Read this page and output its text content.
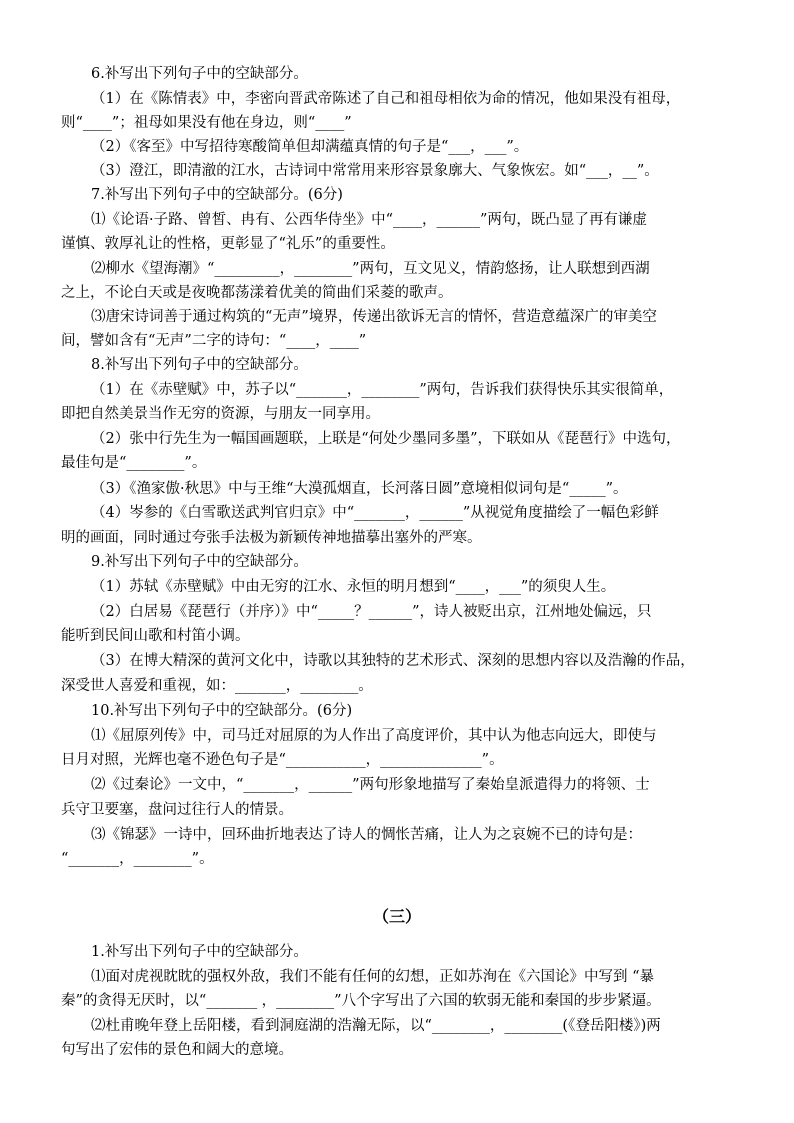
6.补写出下列句子中的空缺部分。
（1）在《陈情表》中，李密向晋武帝陈述了自己和祖母相依为命的情况，他如果没有祖母，
则“____”；祖母如果没有他在身边，则“____”
（2）《客至》中写招待寒酸简单但却满蕴真情的句子是“___，___”。
（3）澄江，即清澈的江水，古诗词中常常用来形容景象廓大、气象恢宏。如“___，__”。
7.补写出下列句子中的空缺部分。(6分)
⑴《论语·子路、曾皙、冉有、公西华侍坐》中“____，______”两句，既凸显了再有谦虚
谨慎、敦厚礼让的性格，更彰显了“礼乐”的重要性。
⑵柳水《望海潮》“_________，________”两句，互文见义，情韵悠扬，让人联想到西湖
之上，不论白天或是夜晚都荡漾着优美的简曲们采菱的歌声。
⑶唐宋诗词善于通过构筑的“无声”境界，传递出欲诉无言的情怀，营造意蕴深广的审美空
间，譬如含有“无声”二字的诗句：“____，____”
8.补写出下列句子中的空缺部分。
（1）在《赤壁赋》中，苏子以“_______，________”两句，告诉我们获得快乐其实很简单，
即把自然美景当作无穷的资源，与朋友一同享用。
（2）张中行先生为一幅国画题联，上联是“何处少墨同多墨”，下联如从《琵琶行》中选句，
最佳句是“________”。
（3）《渔家傲·秋思》中与王维“大漠孤烟直，长河落日圆”意境相似词句是“_____”。
（4）岑参的《白雪歌送武判官归京》中“_______，______”从视觉角度描绘了一幅色彩鲜
明的画面，同时通过夸张手法极为新颖传神地描摹出塞外的严寒。
9.补写出下列句子中的空缺部分。
（1）苏轼《赤壁赋》中由无穷的江水、永恒的明月想到“____，___”的须臾人生。
（2）白居易《琵琶行（并序）》中“_____？______”，诗人被贬出京，江州地处偏远，只
能听到民间山歌和村笛小调。
（3）在博大精深的黄河文化中，诗歌以其独特的艺术形式、深刻的思想内容以及浩瀚的作品，
深受世人喜爱和重视，如：_______，________。
10.补写出下列句子中的空缺部分。(6分)
⑴《屈原列传》中，司马迁对屈原的为人作出了高度评价，其中认为他志向远大，即使与
日月对照，光辉也毫不逊色句子是“___________，______________”。
⑵《过秦论》一文中，“_______，______”两句形象地描写了秦始皇派遣得力的将领、士
兵守卫要塞，盘问过往行人的情景。
⑶《锦瑟》一诗中，回环曲折地表达了诗人的惆怅苦痛，让人为之哀婉不已的诗句是：
“_______，________”。
（三）
1.补写出下列句子中的空缺部分。
⑴面对虎视眈眈的强权外敌，我们不能有任何的幻想，正如苏洵在《六国论》中写到 “暴
秦”的贪得无厌时，以“_______ ，________”八个字写出了六国的软弱无能和秦国的步步紧逼。
⑵杜甫晚年登上岳阳楼，看到洞庭湖的浩瀚无际，以“________，________(《登岳阳楼》)两
句写出了宏伟的景色和阔大的意境。
